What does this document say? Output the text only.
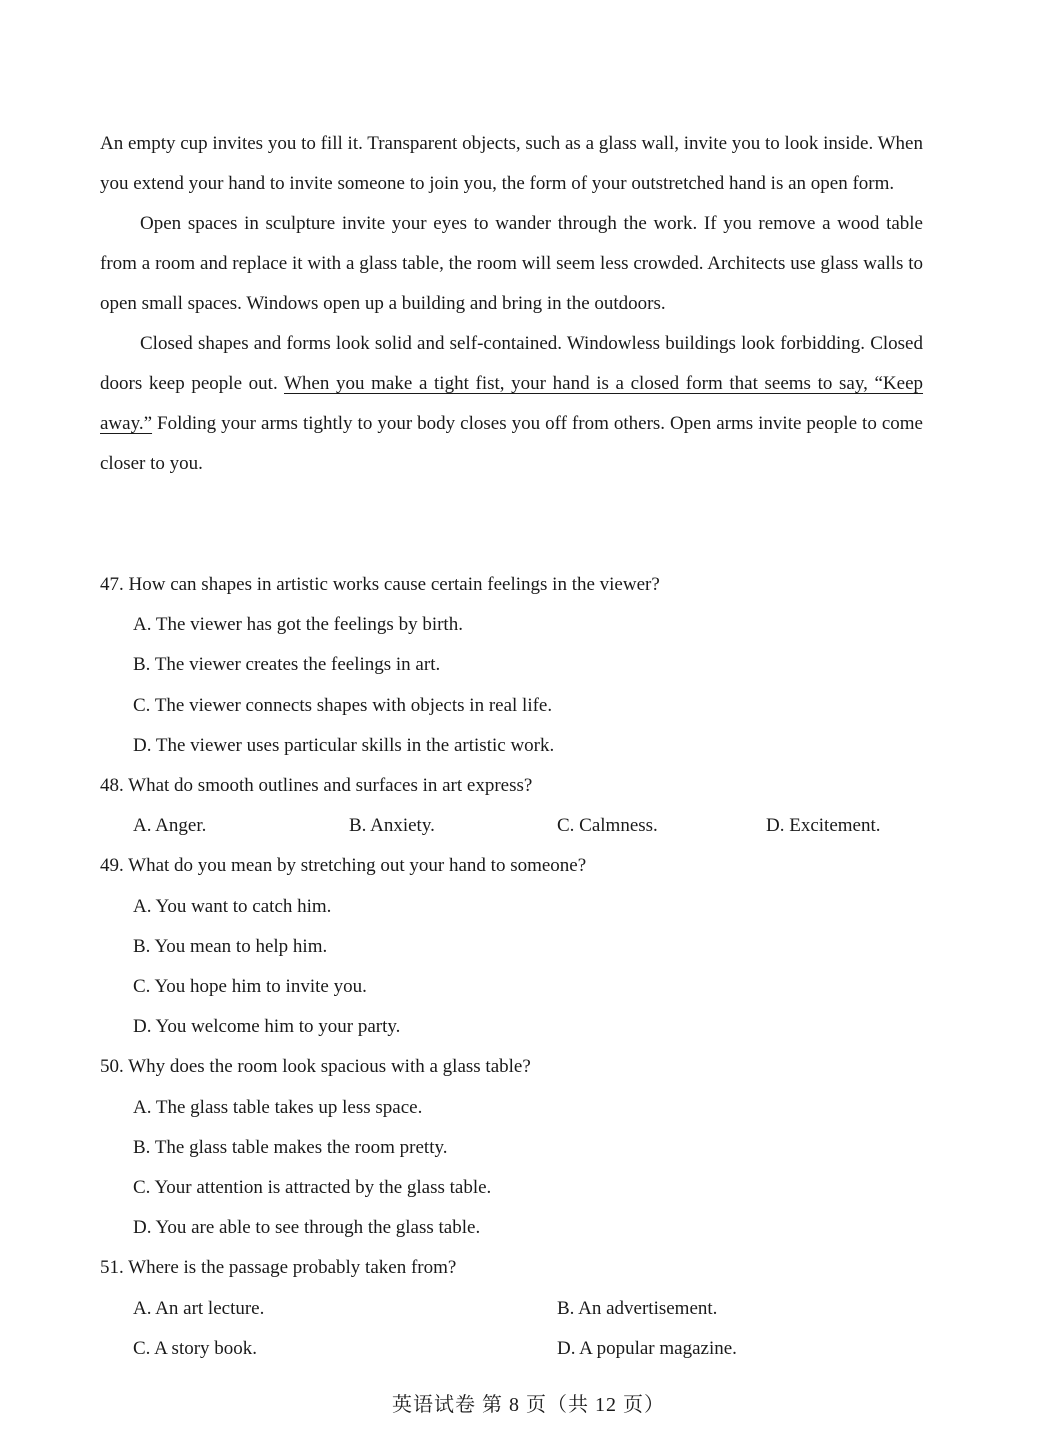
An empty cup invites you to fill it. Transparent objects, such as a glass wall, invite you to look inside. When you extend your hand to invite someone to join you, the form of your outstretched hand is an open form.

Open spaces in sculpture invite your eyes to wander through the work. If you remove a wood table from a room and replace it with a glass table, the room will seem less crowded. Architects use glass walls to open small spaces. Windows open up a building and bring in the outdoors.

Closed shapes and forms look solid and self-contained. Windowless buildings look forbidding. Closed doors keep people out. When you make a tight fist, your hand is a closed form that seems to say, “Keep away.” Folding your arms tightly to your body closes you off from others. Open arms invite people to come closer to you.

47. How can shapes in artistic works cause certain feelings in the viewer?

A. The viewer has got the feelings by birth.

B. The viewer creates the feelings in art.

C. The viewer connects shapes with objects in real life.

D. The viewer uses particular skills in the artistic work.

48. What do smooth outlines and surfaces in art express?

A. Anger.	B. Anxiety.	C. Calmness.	D. Excitement.

49. What do you mean by stretching out your hand to someone?

A. You want to catch him.

B. You mean to help him.

C. You hope him to invite you.

D. You welcome him to your party.

50. Why does the room look spacious with a glass table?

A. The glass table takes up less space.

B. The glass table makes the room pretty.

C. Your attention is attracted by the glass table.

D. You are able to see through the glass table.

51. Where is the passage probably taken from?

A. An art lecture.	B. An advertisement.
C. A story book.	D. A popular magazine.
英语试卷 第 8 页（共 12 页）
